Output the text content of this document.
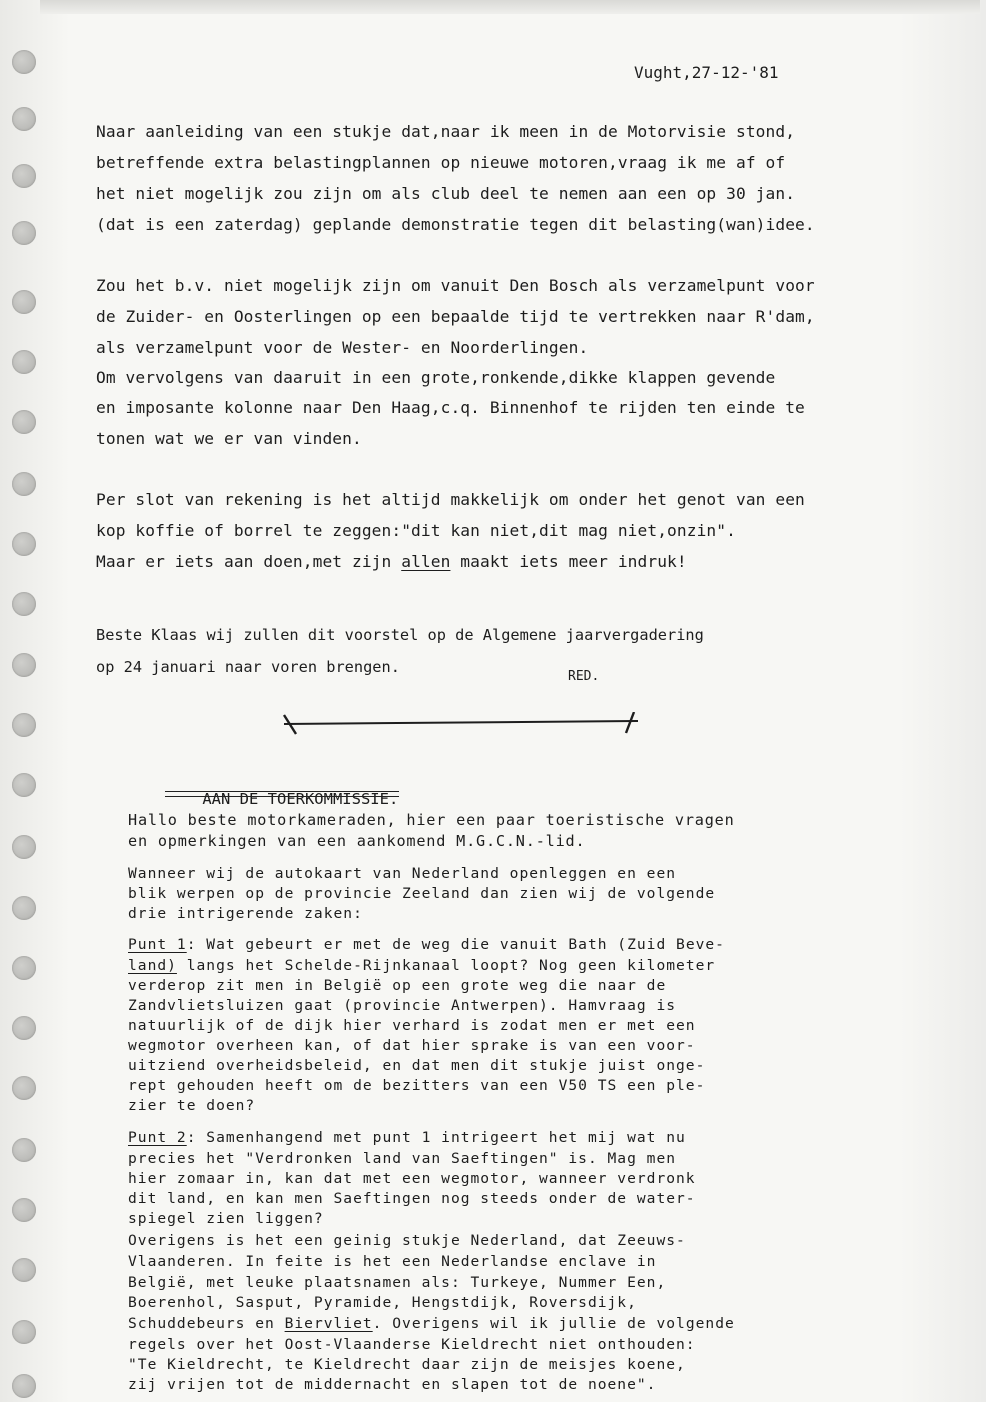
Vught,27-12-'81
Naar aanleiding van een stukje dat,naar ik meen in de Motorvisie stond,
betreffende extra belastingplannen op nieuwe motoren,vraag ik me af of
het niet mogelijk zou zijn om als club deel te nemen aan een op 30 jan.
(dat is een zaterdag) geplande demonstratie tegen dit belasting(wan)idee.
Zou het b.v. niet mogelijk zijn om vanuit Den Bosch als verzamelpunt voor
de Zuider- en Oosterlingen op een bepaalde tijd te vertrekken naar R'dam,
als verzamelpunt voor de Wester- en Noorderlingen.
Om vervolgens van daaruit in een grote,ronkende,dikke klappen gevende
en imposante kolonne naar Den Haag,c.q. Binnenhof te rijden ten einde te
tonen wat we er van vinden.
Per slot van rekening is het altijd makkelijk om onder het genot van een
kop koffie of borrel te zeggen:"dit kan niet,dit mag niet,onzin".
Maar er iets aan doen,met zijn allen maakt iets meer indruk!
Beste Klaas wij zullen dit voorstel op de Algemene jaarvergadering
op 24 januari naar voren brengen.
RED.

AAN DE TOERKOMMISSIE.

Hallo beste motorkameraden, hier een paar toeristische vragen
en opmerkingen van een aankomend M.G.C.N.-lid.
Wanneer wij de autokaart van Nederland openleggen en een
blik werpen op de provincie Zeeland dan zien wij de volgende
drie intrigerende zaken:
Punt 1: Wat gebeurt er met de weg die vanuit Bath (Zuid Beve-
land) langs het Schelde-Rijnkanaal loopt? Nog geen kilometer
verderop zit men in België op een grote weg die naar de
Zandvlietsluizen gaat (provincie Antwerpen). Hamvraag is
natuurlijk of de dijk hier verhard is zodat men er met een
wegmotor overheen kan, of dat hier sprake is van een voor-
uitziend overheidsbeleid, en dat men dit stukje juist onge-
rept gehouden heeft om de bezitters van een V50 TS een ple-
zier te doen?
Punt 2: Samenhangend met punt 1 intrigeert het mij wat nu
precies het "Verdronken land van Saeftingen" is. Mag men
hier zomaar in, kan dat met een wegmotor, wanneer verdronk
dit land, en kan men Saeftingen nog steeds onder de water-
spiegel zien liggen?
Overigens is het een geinig stukje Nederland, dat Zeeuws-
Vlaanderen. In feite is het een Nederlandse enclave in
België, met leuke plaatsnamen als: Turkeye, Nummer Een,
Boerenhol, Sasput, Pyramide, Hengstdijk, Roversdijk,
Schuddebeurs en Biervliet. Overigens wil ik jullie de volgende
regels over het Oost-Vlaanderse Kieldrecht niet onthouden:
"Te Kieldrecht, te Kieldrecht daar zijn de meisjes koene,
zij vrijen tot de middernacht en slapen tot de noene".
